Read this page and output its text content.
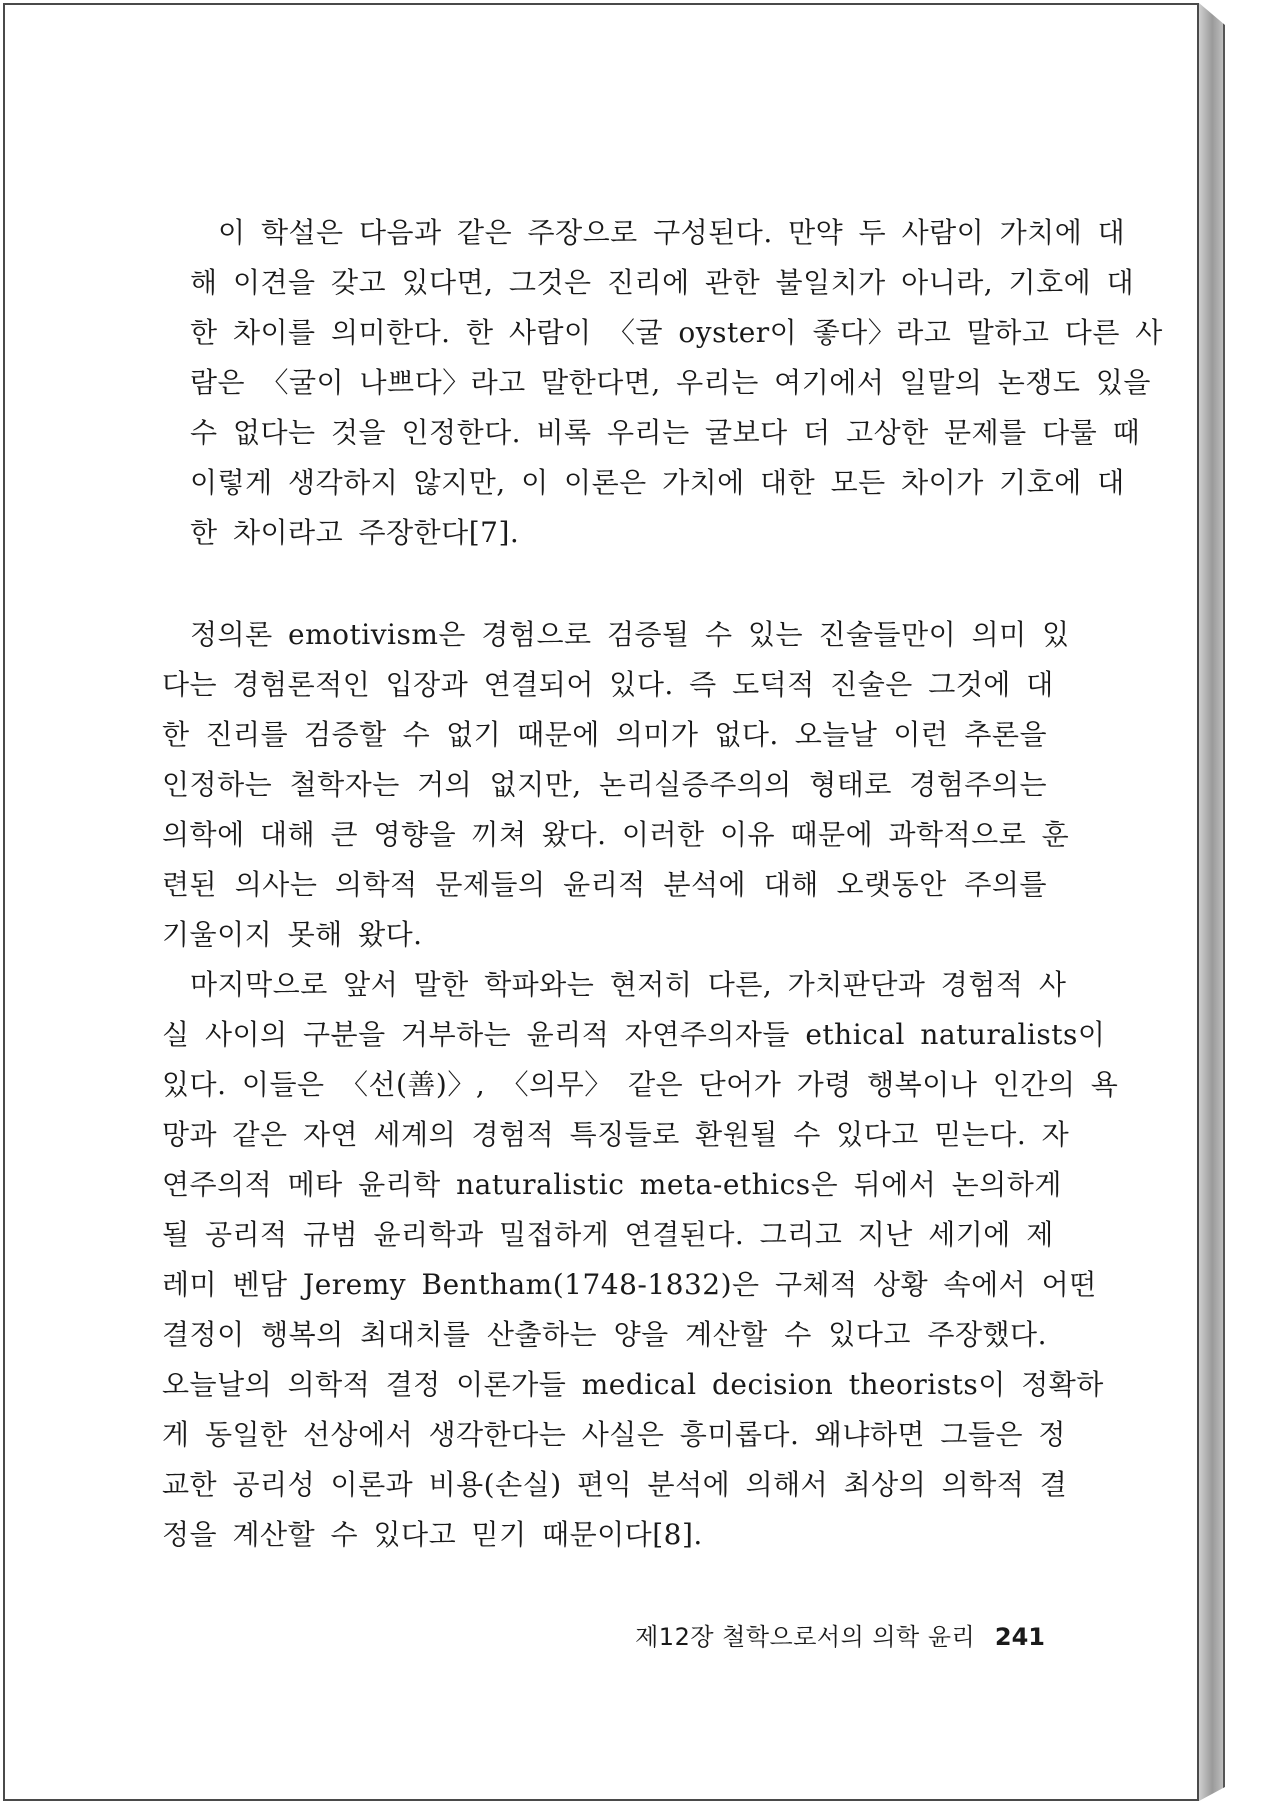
이 학설은 다음과 같은 주장으로 구성된다. 만약 두 사람이 가치에 대
해 이견을 갖고 있다면, 그것은 진리에 관한 불일치가 아니라, 기호에 대
한 차이를 의미한다. 한 사람이 〈굴 oyster이 좋다〉라고 말하고 다른 사
람은 〈굴이 나쁘다〉라고 말한다면, 우리는 여기에서 일말의 논쟁도 있을
수 없다는 것을 인정한다. 비록 우리는 굴보다 더 고상한 문제를 다룰 때
이렇게 생각하지 않지만, 이 이론은 가치에 대한 모든 차이가 기호에 대
한 차이라고 주장한다[7].
정의론 emotivism은 경험으로 검증될 수 있는 진술들만이 의미 있
다는 경험론적인 입장과 연결되어 있다. 즉 도덕적 진술은 그것에 대
한 진리를 검증할 수 없기 때문에 의미가 없다. 오늘날 이런 추론을
인정하는 철학자는 거의 없지만, 논리실증주의의 형태로 경험주의는
의학에 대해 큰 영향을 끼쳐 왔다. 이러한 이유 때문에 과학적으로 훈
련된 의사는 의학적 문제들의 윤리적 분석에 대해 오랫동안 주의를
기울이지 못해 왔다.
마지막으로 앞서 말한 학파와는 현저히 다른, 가치판단과 경험적 사
실 사이의 구분을 거부하는 윤리적 자연주의자들 ethical naturalists이
있다. 이들은 〈선(善)〉, 〈의무〉 같은 단어가 가령 행복이나 인간의 욕
망과 같은 자연 세계의 경험적 특징들로 환원될 수 있다고 믿는다. 자
연주의적 메타 윤리학 naturalistic meta-ethics은 뒤에서 논의하게
될 공리적 규범 윤리학과 밀접하게 연결된다. 그리고 지난 세기에 제
레미 벤담 Jeremy Bentham(1748-1832)은 구체적 상황 속에서 어떤
결정이 행복의 최대치를 산출하는 양을 계산할 수 있다고 주장했다.
오늘날의 의학적 결정 이론가들 medical decision theorists이 정확하
게 동일한 선상에서 생각한다는 사실은 흥미롭다. 왜냐하면 그들은 정
교한 공리성 이론과 비용(손실) 편익 분석에 의해서 최상의 의학적 결
정을 계산할 수 있다고 믿기 때문이다[8].
제12장 철학으로서의 의학 윤리 241
